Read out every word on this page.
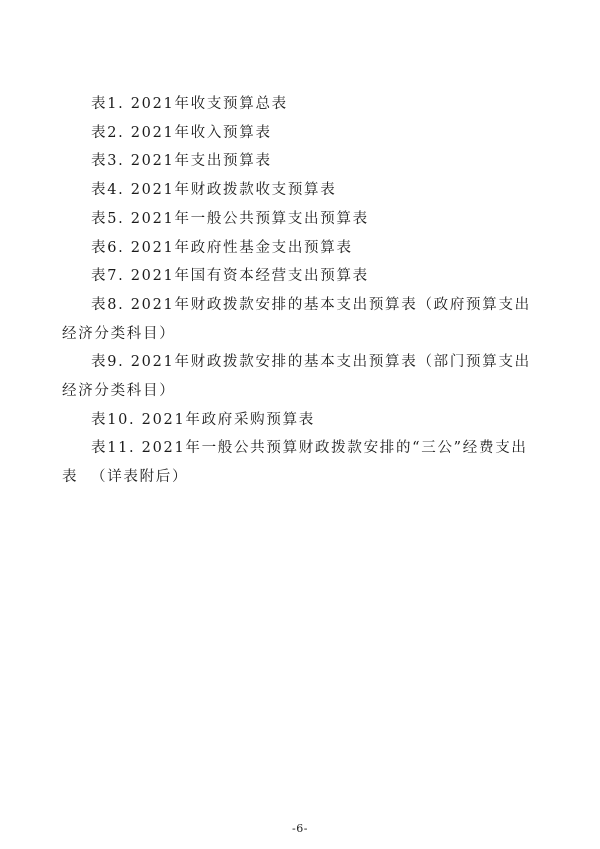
表1. 2021年收支预算总表
表2. 2021年收入预算表
表3. 2021年支出预算表
表4. 2021年财政拨款收支预算表
表5. 2021年一般公共预算支出预算表
表6. 2021年政府性基金支出预算表
表7. 2021年国有资本经营支出预算表
表8. 2021年财政拨款安排的基本支出预算表（政府预算支出经济分类科目）
表9. 2021年财政拨款安排的基本支出预算表（部门预算支出经济分类科目）
表10. 2021年政府采购预算表
表11. 2021年一般公共预算财政拨款安排的“三公”经费支出表 （详表附后）

-6-
